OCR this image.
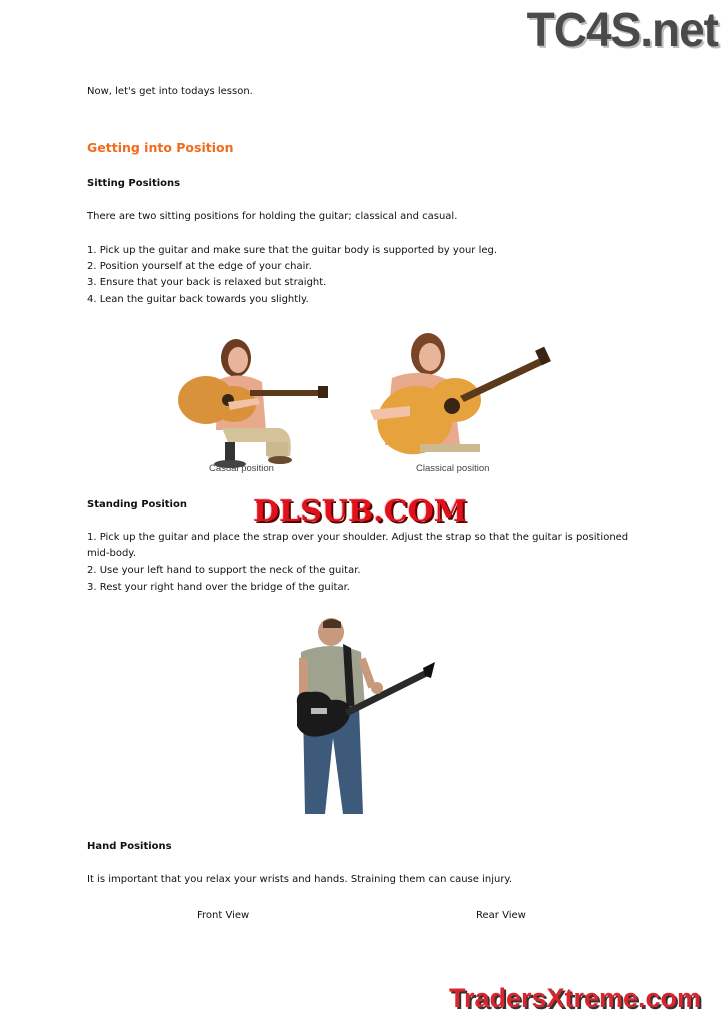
TC4S.net
Now, let's get into todays lesson.
Getting into Position
Sitting Positions
There are two sitting positions for holding the guitar; classical and casual.
1. Pick up the guitar and make sure that the guitar body is supported by your leg.
2. Position yourself at the edge of your chair.
3. Ensure that your back is relaxed but straight.
4. Lean the guitar back towards you slightly.
Casual position	Classical position
Standing Position	DLSUB.COM
1. Pick up the guitar and place the strap over your shoulder. Adjust the strap so that the guitar is positioned
mid-body.
2. Use your left hand to support the neck of the guitar.
3. Rest your right hand over the bridge of the guitar.
Hand Positions
It is important that you relax your wrists and hands. Straining them can cause injury.
Front View	Rear View
TradersXtreme.com
